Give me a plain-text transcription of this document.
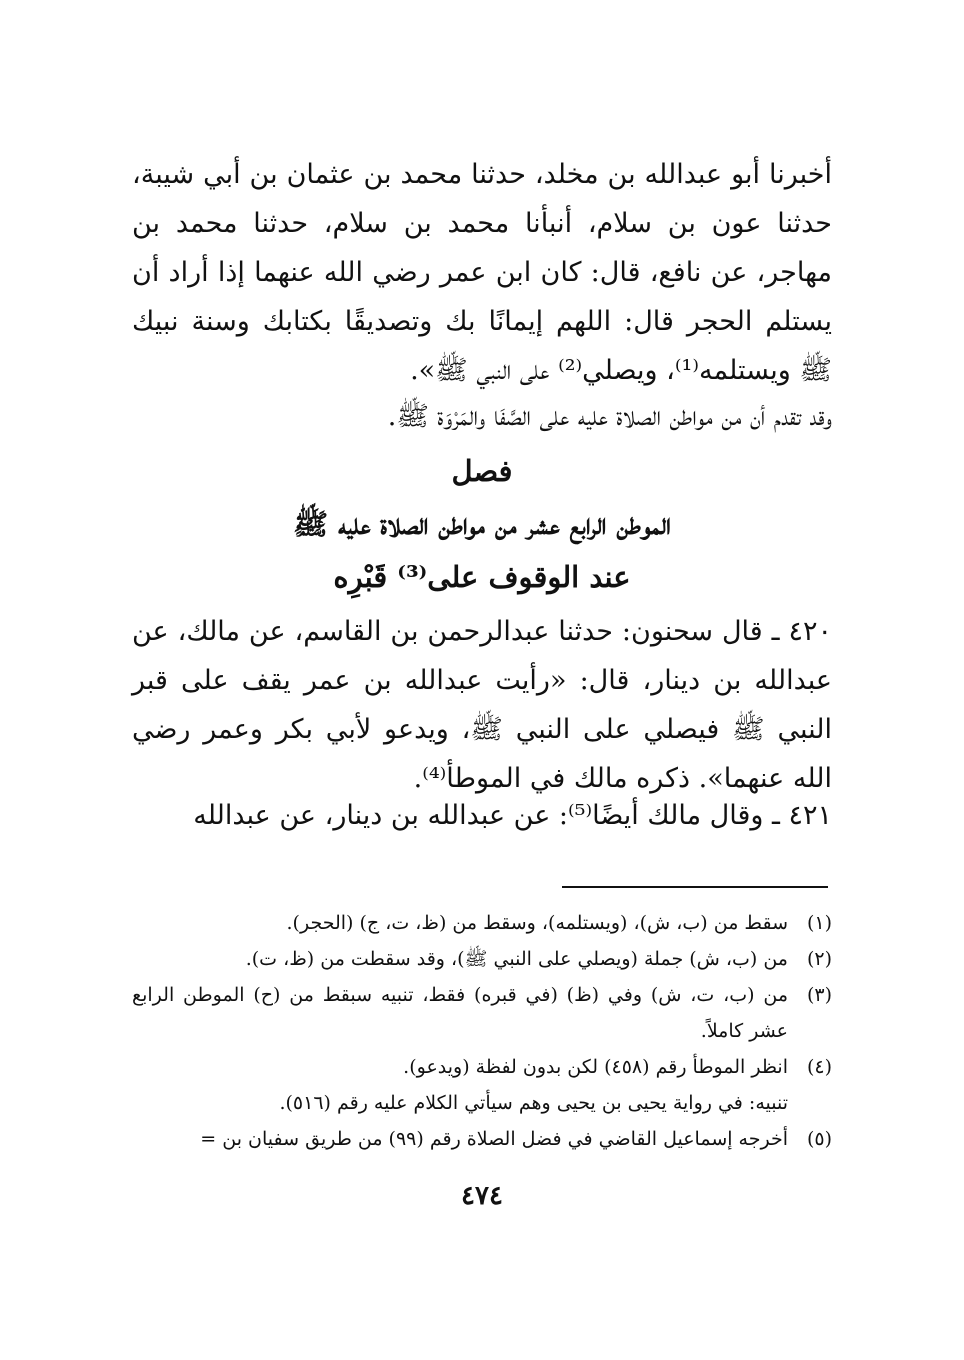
أخبرنا أبو عبدالله بن مخلد، حدثنا محمد بن عثمان بن أبي شيبة، حدثنا عون بن سلام، أنبأنا محمد بن سلام، حدثنا محمد بن مهاجر، عن نافع، قال: كان ابن عمر رضي الله عنهما إذا أراد أن يستلم الحجر قال: اللهم إيمانًا بك وتصديقًا بكتابك وسنة نبيك ﷺ ويستلمه⁽¹⁾، ويصلي⁽²⁾ على النبي ﷺ».

وقد تقدم أن من مواطن الصلاة عليه على الصَّفَا والمَرْوَة ﷺ.

فصل
الموطن الرابع عشر من مواطن الصلاة عليه ﷺ
عند الوقوف على⁽³⁾ قَبْرِه

٤٢٠ ـ قال سحنون: حدثنا عبدالرحمن بن القاسم، عن مالك، عن عبدالله بن دينار، قال: «رأيت عبدالله بن عمر يقف على قبر النبي ﷺ فيصلي على النبي ﷺ، ويدعو لأبي بكر وعمر رضي الله عنهما». ذكره مالك في الموطأ⁽⁴⁾.

٤٢١ ـ وقال مالك أيضًا⁽⁵⁾: عن عبدالله بن دينار، عن عبدالله

(١)
سقط من (ب، ش)، (ويستلمه)، وسقط من (ظ، ت، ج) (الحجر).
(٢)
من (ب، ش) جملة (ويصلي على النبي ﷺ)، وقد سقطت من (ظ، ت).
(٣)
من (ب، ت، ش) وفي (ظ) (في قبره) فقط، تنبيه سبقط من (ح) الموطن الرابع عشر كاملاً.
(٤)
انظر الموطأ رقم (٤٥٨) لكن بدون لفظة (ويدعو).
تنبيه: في رواية يحيى بن يحيى وهم سيأتي الكلام عليه رقم (٥١٦).
(٥)
أخرجه إسماعيل القاضي في فضل الصلاة رقم (٩٩) من طريق سفيان بن =
٤٧٤
